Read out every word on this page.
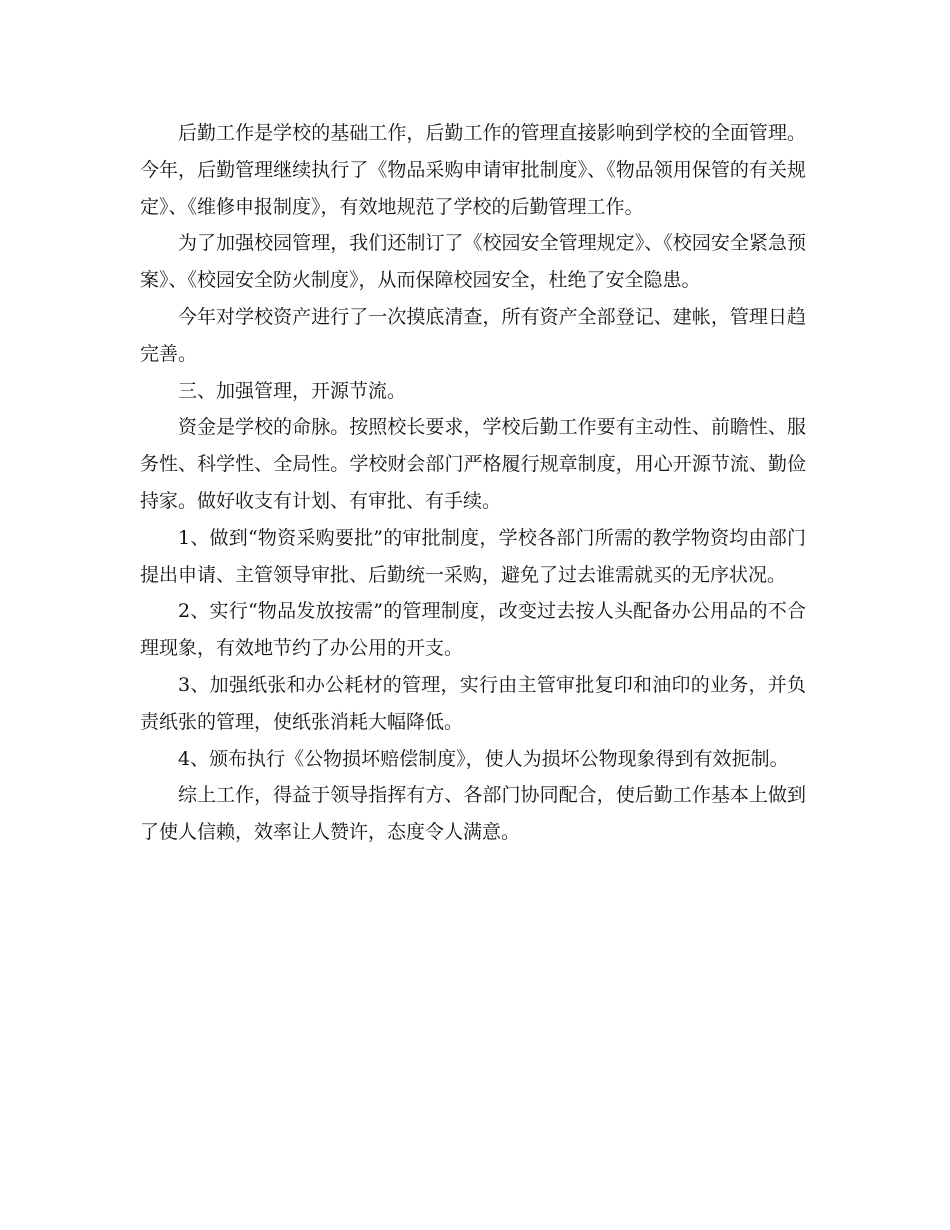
后勤工作是学校的基础工作，后勤工作的管理直接影响到学校的全面管理。今年，后勤管理继续执行了《物品采购申请审批制度》、《物品领用保管的有关规定》、《维修申报制度》，有效地规范了学校的后勤管理工作。

为了加强校园管理，我们还制订了《校园安全管理规定》、《校园安全紧急预案》、《校园安全防火制度》，从而保障校园安全，杜绝了安全隐患。

今年对学校资产进行了一次摸底清查，所有资产全部登记、建帐，管理日趋完善。

三、加强管理，开源节流。

资金是学校的命脉。按照校长要求，学校后勤工作要有主动性、前瞻性、服务性、科学性、全局性。学校财会部门严格履行规章制度，用心开源节流、勤俭持家。做好收支有计划、有审批、有手续。

1、做到“物资采购要批”的审批制度，学校各部门所需的教学物资均由部门提出申请、主管领导审批、后勤统一采购，避免了过去谁需就买的无序状况。

2、实行“物品发放按需”的管理制度，改变过去按人头配备办公用品的不合理现象，有效地节约了办公用的开支。

3、加强纸张和办公耗材的管理，实行由主管审批复印和油印的业务，并负责纸张的管理，使纸张消耗大幅降低。

4、颁布执行《公物损坏赔偿制度》，使人为损坏公物现象得到有效扼制。

综上工作，得益于领导指挥有方、各部门协同配合，使后勤工作基本上做到了使人信赖，效率让人赞许，态度令人满意。
